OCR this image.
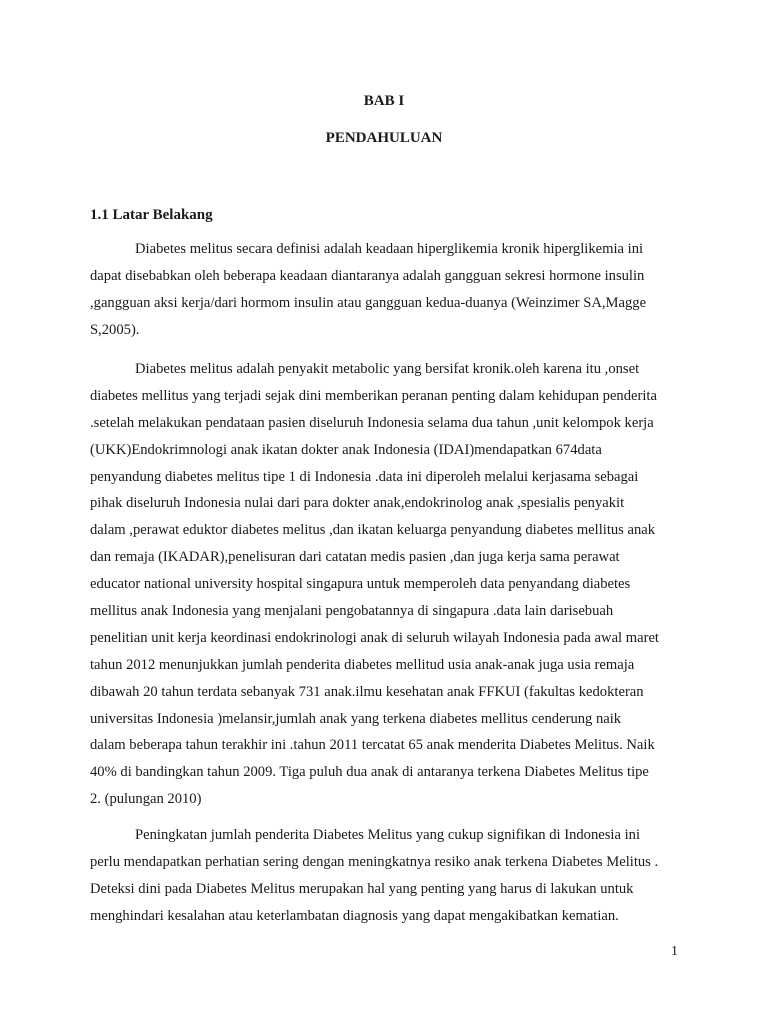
BAB I
PENDAHULUAN
1.1 Latar Belakang
Diabetes melitus secara definisi adalah keadaan hiperglikemia kronik hiperglikemia ini
dapat disebabkan oleh beberapa keadaan diantaranya adalah gangguan sekresi hormone insulin
,gangguan aksi kerja/dari hormom insulin atau gangguan kedua-duanya (Weinzimer SA,Magge
S,2005).
Diabetes melitus adalah penyakit metabolic yang bersifat kronik.oleh karena itu ,onset
diabetes mellitus yang terjadi sejak dini memberikan peranan penting dalam kehidupan penderita
.setelah melakukan pendataan pasien diseluruh Indonesia selama dua tahun ,unit kelompok kerja
(UKK)Endokrimnologi anak ikatan dokter anak Indonesia (IDAI)mendapatkan 674data
penyandung diabetes melitus tipe 1 di Indonesia .data ini diperoleh melalui kerjasama sebagai
pihak diseluruh Indonesia nulai dari para dokter anak,endokrinolog anak ,spesialis penyakit
dalam ,perawat eduktor diabetes melitus ,dan ikatan keluarga penyandung diabetes mellitus anak
dan remaja (IKADAR),penelisuran dari catatan medis pasien ,dan juga kerja sama perawat
educator national university hospital singapura untuk memperoleh data penyandang diabetes
mellitus anak Indonesia yang menjalani pengobatannya di singapura .data lain darisebuah
penelitian unit kerja keordinasi endokrinologi anak di seluruh wilayah Indonesia pada awal maret
tahun 2012 menunjukkan jumlah penderita diabetes mellitud usia anak-anak juga usia remaja
dibawah 20 tahun terdata sebanyak 731 anak.ilmu kesehatan anak FFKUI (fakultas kedokteran
universitas Indonesia )melansir,jumlah anak yang terkena diabetes mellitus cenderung naik
dalam beberapa tahun terakhir ini .tahun 2011 tercatat 65 anak menderita Diabetes Melitus. Naik
40% di bandingkan tahun 2009. Tiga puluh dua anak di antaranya terkena Diabetes Melitus tipe
2. (pulungan 2010)
Peningkatan jumlah penderita Diabetes Melitus yang cukup signifikan di Indonesia ini
perlu mendapatkan perhatian sering dengan meningkatnya resiko anak terkena Diabetes Melitus .
Deteksi dini pada Diabetes Melitus merupakan hal yang penting yang harus di lakukan untuk
menghindari kesalahan atau keterlambatan diagnosis yang dapat mengakibatkan kematian.
1
